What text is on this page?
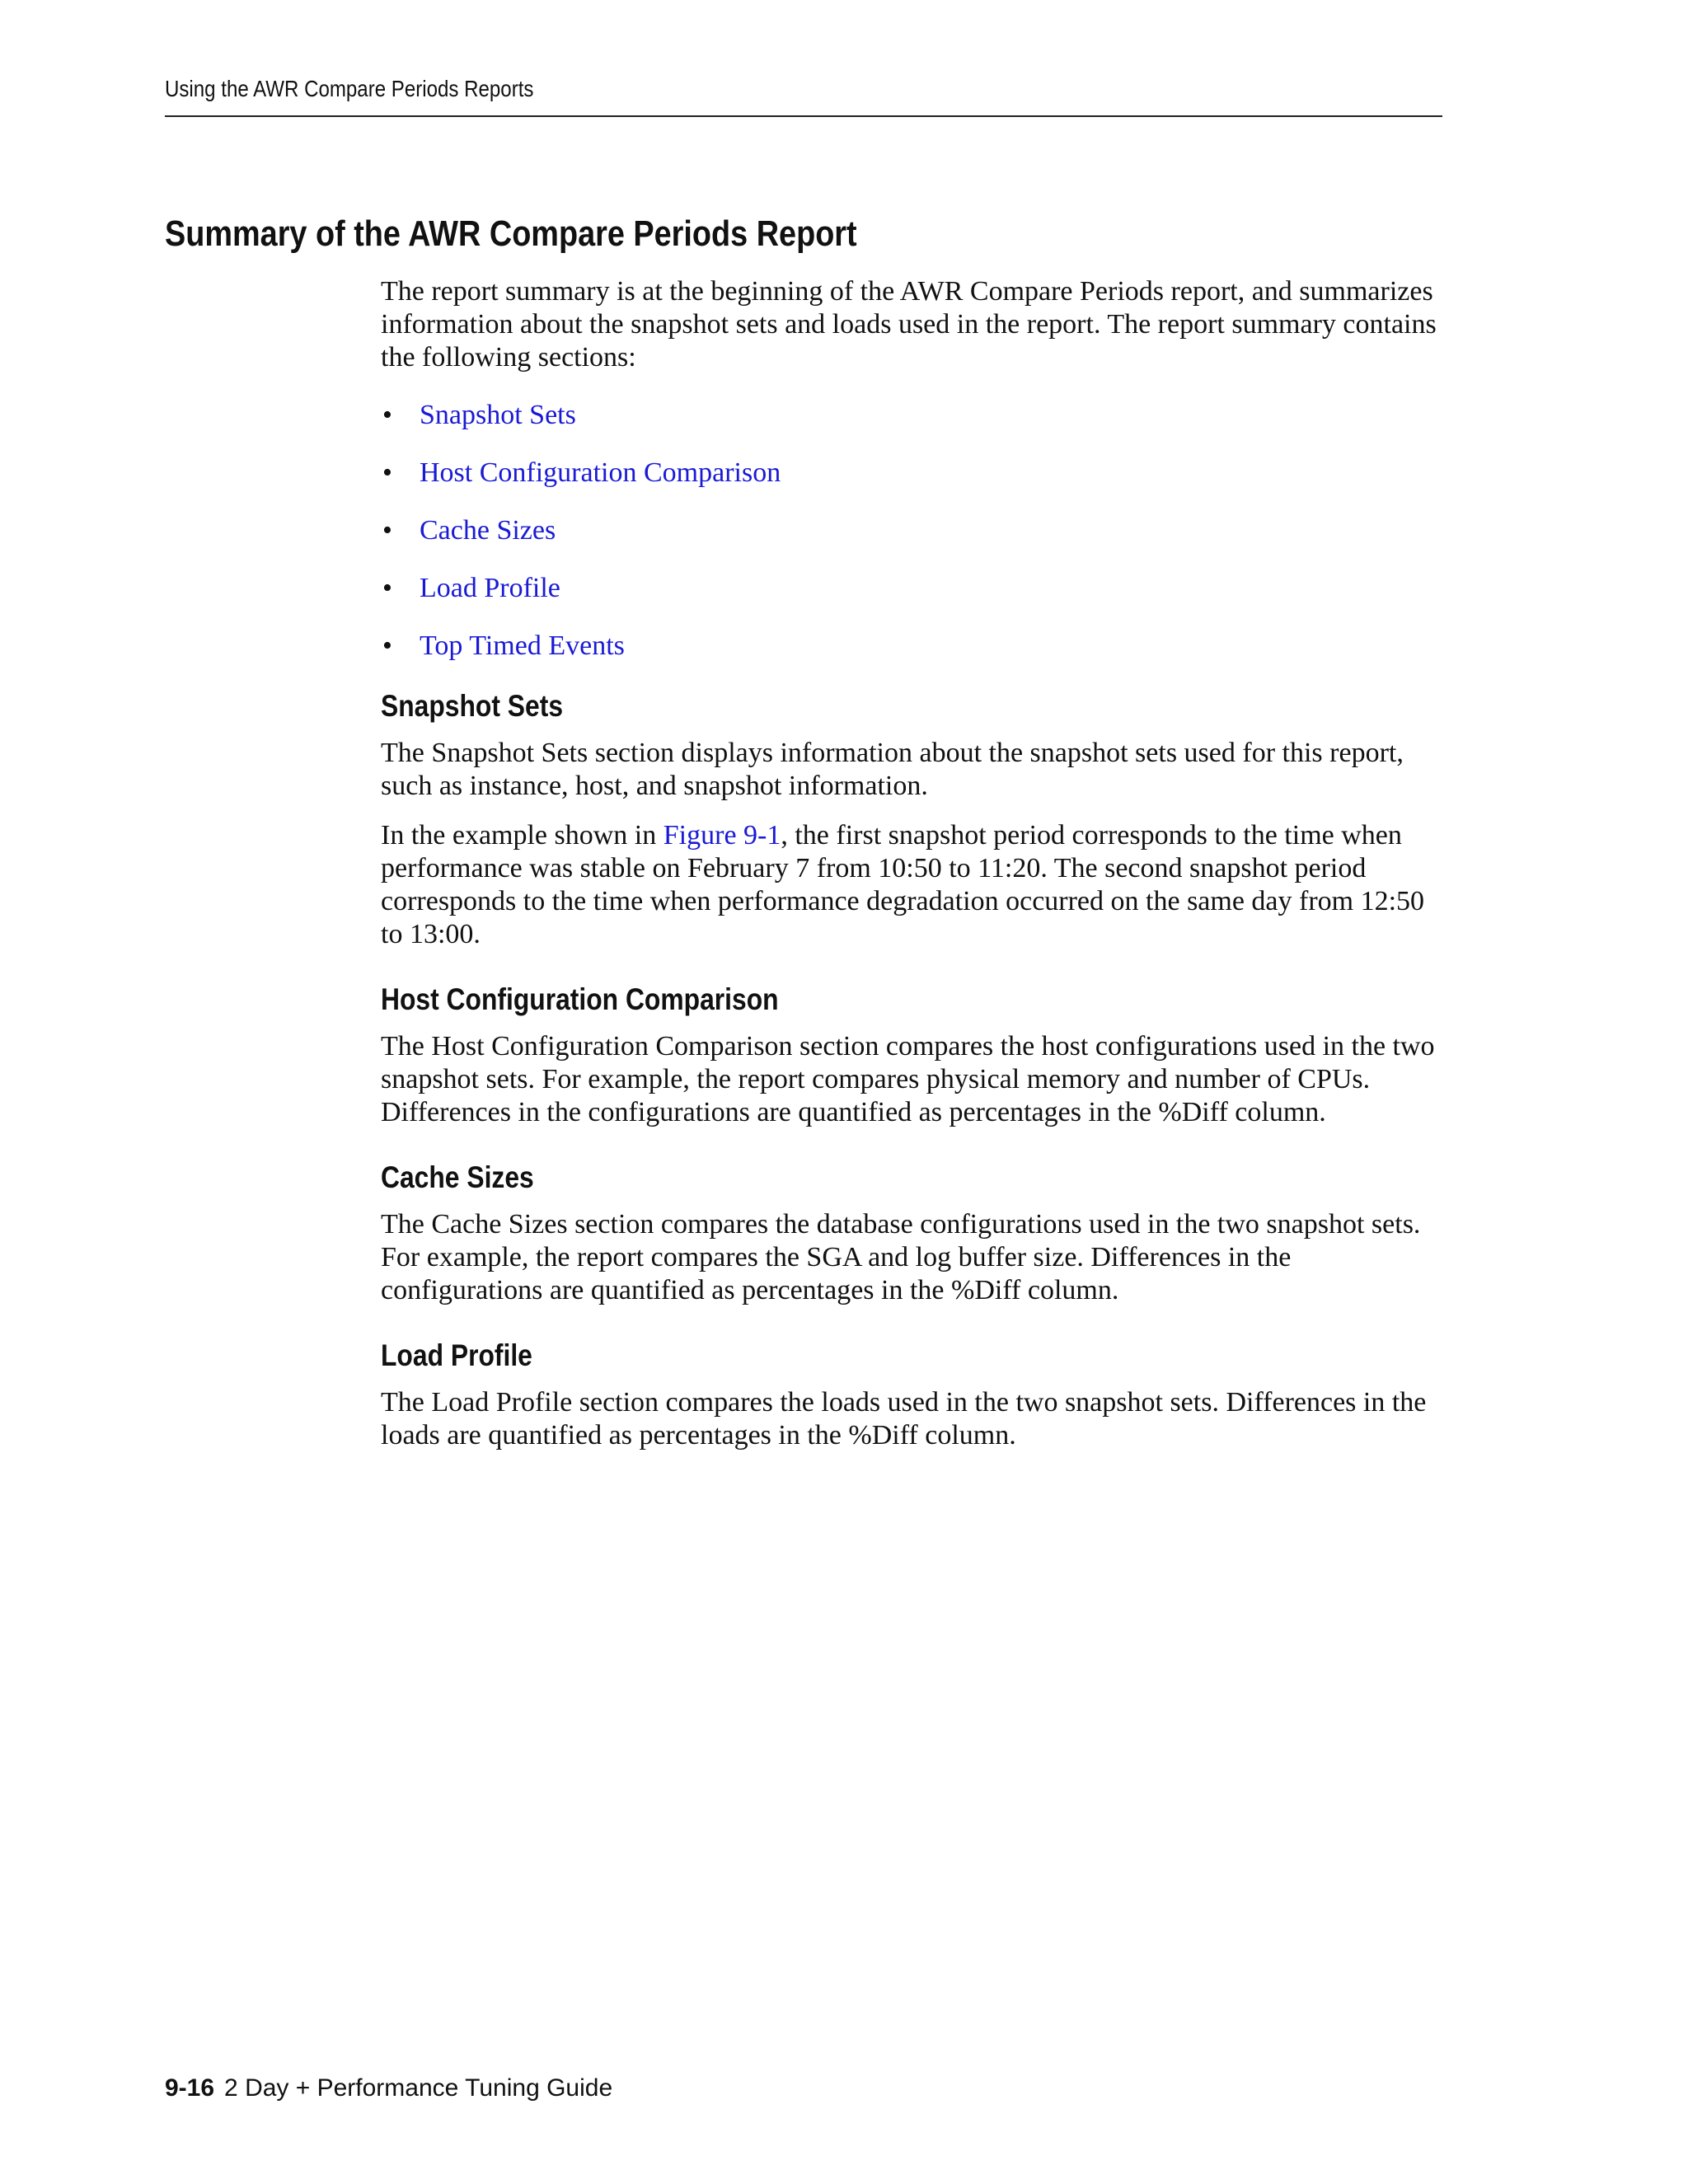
Using the AWR Compare Periods Reports
Summary of the AWR Compare Periods Report

The report summary is at the beginning of the AWR Compare Periods report, and summarizes information about the snapshot sets and loads used in the report. The report summary contains the following sections:

• Snapshot Sets
• Host Configuration Comparison
• Cache Sizes
• Load Profile
• Top Timed Events
Snapshot Sets

The Snapshot Sets section displays information about the snapshot sets used for this report, such as instance, host, and snapshot information.

In the example shown in Figure 9-1, the first snapshot period corresponds to the time when performance was stable on February 7 from 10:50 to 11:20. The second snapshot period corresponds to the time when performance degradation occurred on the same day from 12:50 to 13:00.

Host Configuration Comparison

The Host Configuration Comparison section compares the host configurations used in the two snapshot sets. For example, the report compares physical memory and number of CPUs. Differences in the configurations are quantified as percentages in the %Diff column.

Cache Sizes

The Cache Sizes section compares the database configurations used in the two snapshot sets. For example, the report compares the SGA and log buffer size. Differences in the configurations are quantified as percentages in the %Diff column.

Load Profile

The Load Profile section compares the loads used in the two snapshot sets. Differences in the loads are quantified as percentages in the %Diff column.

9-16 2 Day + Performance Tuning Guide
